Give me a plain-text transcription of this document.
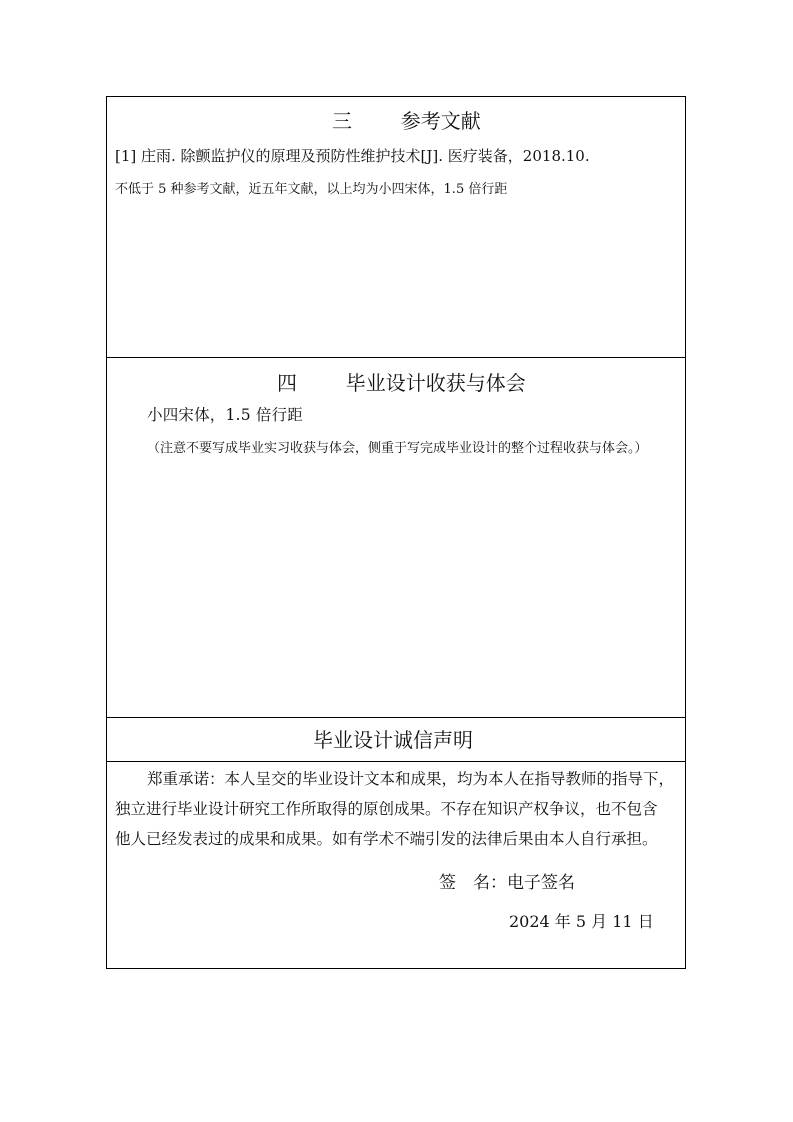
三 参考文献
[1] 庄雨. 除颤监护仪的原理及预防性维护技术[J]. 医疗装备，2018.10.
不低于 5 种参考文献，近五年文献，以上均为小四宋体，1.5 倍行距
四 毕业设计收获与体会
小四宋体，1.5 倍行距
（注意不要写成毕业实习收获与体会，侧重于写完成毕业设计的整个过程收获与体会。）
毕业设计诚信声明
郑重承诺：本人呈交的毕业设计文本和成果，均为本人在指导教师的指导下，
独立进行毕业设计研究工作所取得的原创成果。不存在知识产权争议，也不包含
他人已经发表过的成果和成果。如有学术不端引发的法律后果由本人自行承担。
签　名：电子签名
2024 年 5 月 11 日
